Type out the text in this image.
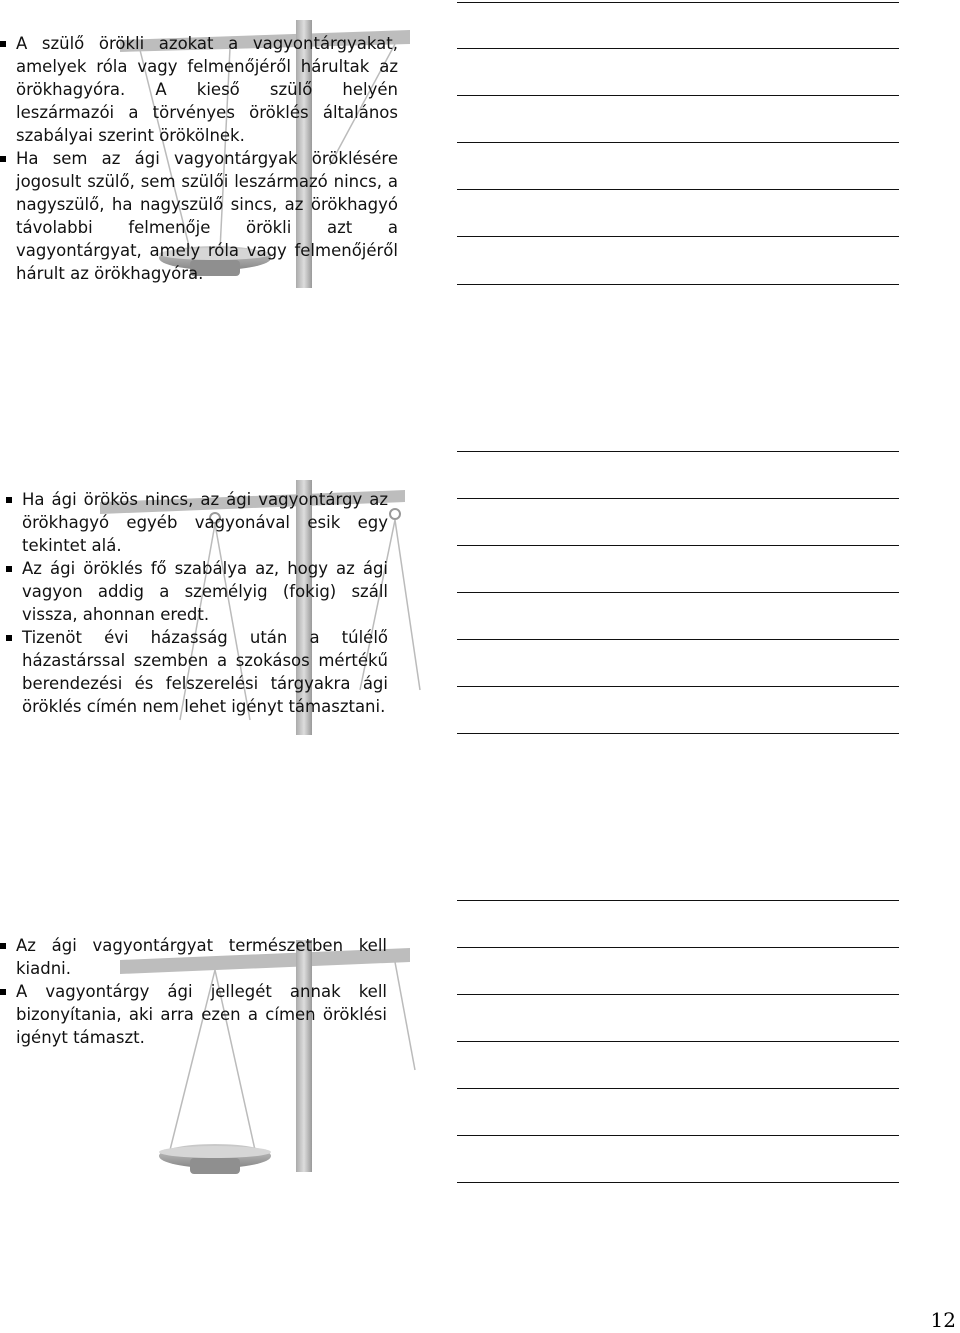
A szülő örökli azokat a vagyontárgyakat, amelyek róla vagy felmenőjéről hárultak az örökhagyóra. A kieső szülő helyén leszármazói a törvényes öröklés általános szabályai szerint örökölnek.
Ha sem az ági vagyontárgyak öröklésére jogosult szülő, sem szülői leszármazó nincs, a nagyszülő, ha nagyszülő sincs, az örökhagyó távolabbi felmenője örökli azt a vagyontárgyat, amely róla vagy felmenőjéről hárult az örökhagyóra.
Ha ági örökös nincs, az ági vagyontárgy az örökhagyó egyéb vagyonával esik egy tekintet alá.
Az ági öröklés fő szabálya az, hogy az ági vagyon addig a személyig (fokig) száll vissza, ahonnan eredt.
Tizenöt évi házasság után a túlélő házastárssal szemben a szokásos mértékű berendezési és felszerelési tárgyakra ági öröklés címén nem lehet igényt támasztani.
Az ági vagyontárgyat természetben kell kiadni.
A vagyontárgy ági jellegét annak kell bizonyítania, aki arra ezen a címen öröklési igényt támaszt.
12
